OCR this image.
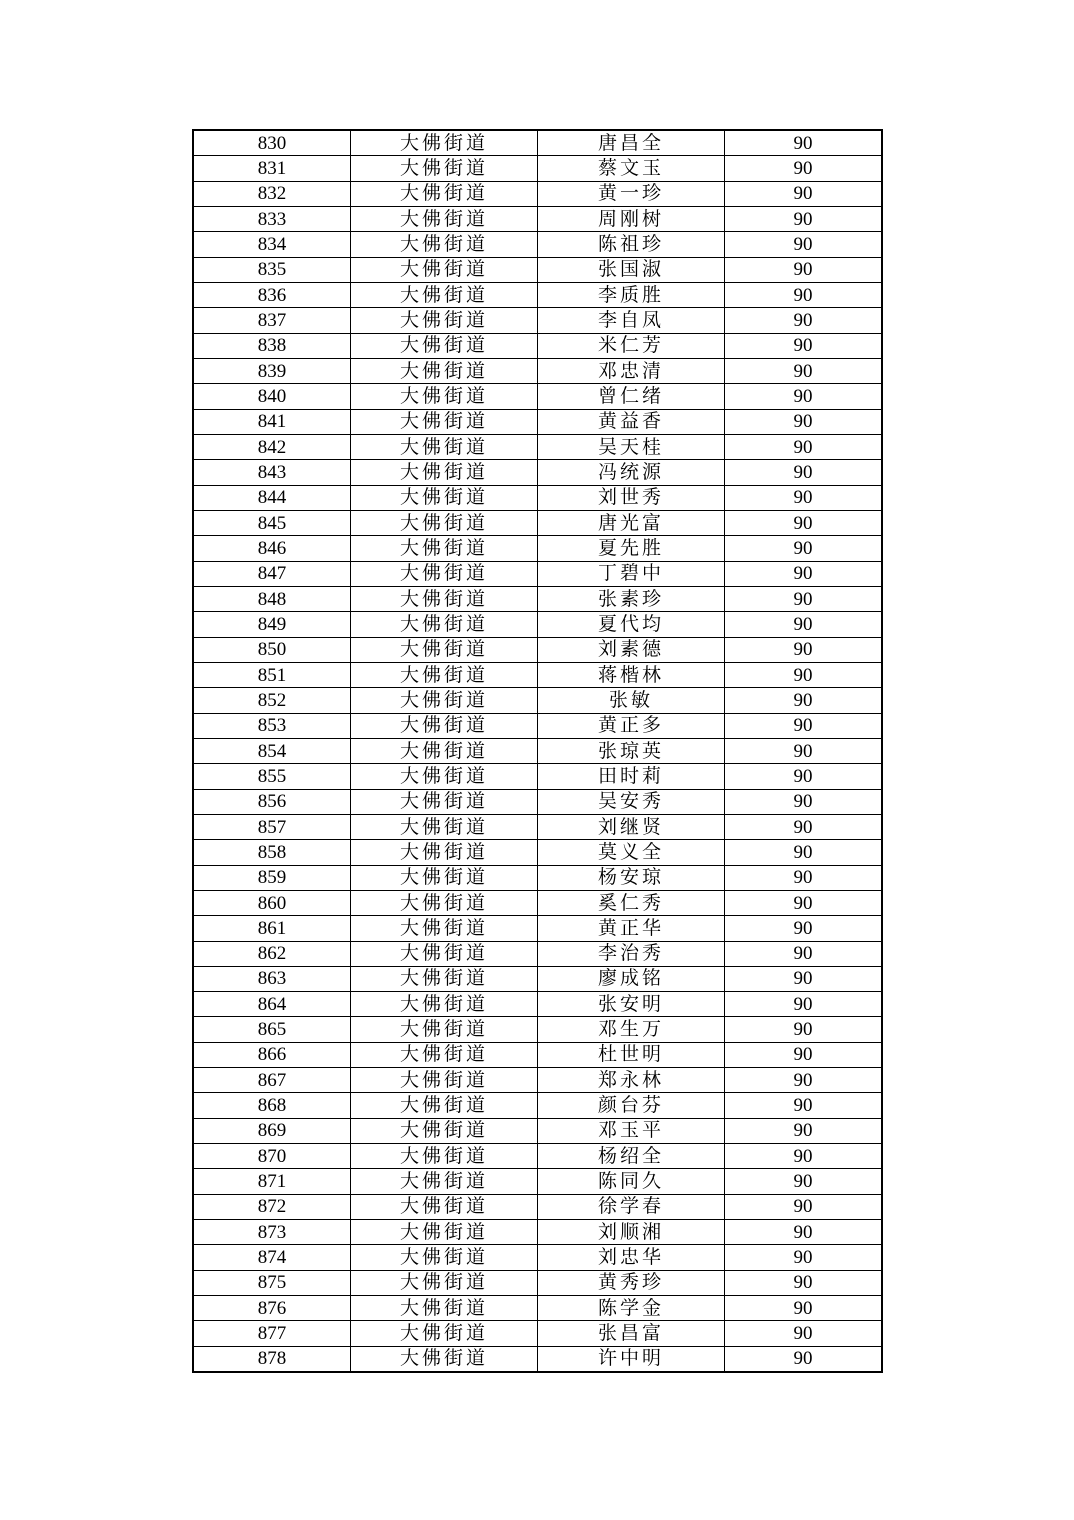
830	大佛街道	唐昌全	90
831	大佛街道	蔡文玉	90
832	大佛街道	黄一珍	90
833	大佛街道	周刚树	90
834	大佛街道	陈祖珍	90
835	大佛街道	张国淑	90
836	大佛街道	李质胜	90
837	大佛街道	李自凤	90
838	大佛街道	米仁芳	90
839	大佛街道	邓忠清	90
840	大佛街道	曾仁绪	90
841	大佛街道	黄益香	90
842	大佛街道	吴天桂	90
843	大佛街道	冯统源	90
844	大佛街道	刘世秀	90
845	大佛街道	唐光富	90
846	大佛街道	夏先胜	90
847	大佛街道	丁碧中	90
848	大佛街道	张素珍	90
849	大佛街道	夏代均	90
850	大佛街道	刘素德	90
851	大佛街道	蒋楷林	90
852	大佛街道	张敏	90
853	大佛街道	黄正多	90
854	大佛街道	张琼英	90
855	大佛街道	田时莉	90
856	大佛街道	吴安秀	90
857	大佛街道	刘继贤	90
858	大佛街道	莫义全	90
859	大佛街道	杨安琼	90
860	大佛街道	奚仁秀	90
861	大佛街道	黄正华	90
862	大佛街道	李治秀	90
863	大佛街道	廖成铭	90
864	大佛街道	张安明	90
865	大佛街道	邓生万	90
866	大佛街道	杜世明	90
867	大佛街道	郑永林	90
868	大佛街道	颜台芬	90
869	大佛街道	邓玉平	90
870	大佛街道	杨绍全	90
871	大佛街道	陈同久	90
872	大佛街道	徐学春	90
873	大佛街道	刘顺湘	90
874	大佛街道	刘忠华	90
875	大佛街道	黄秀珍	90
876	大佛街道	陈学金	90
877	大佛街道	张昌富	90
878	大佛街道	许中明	90
